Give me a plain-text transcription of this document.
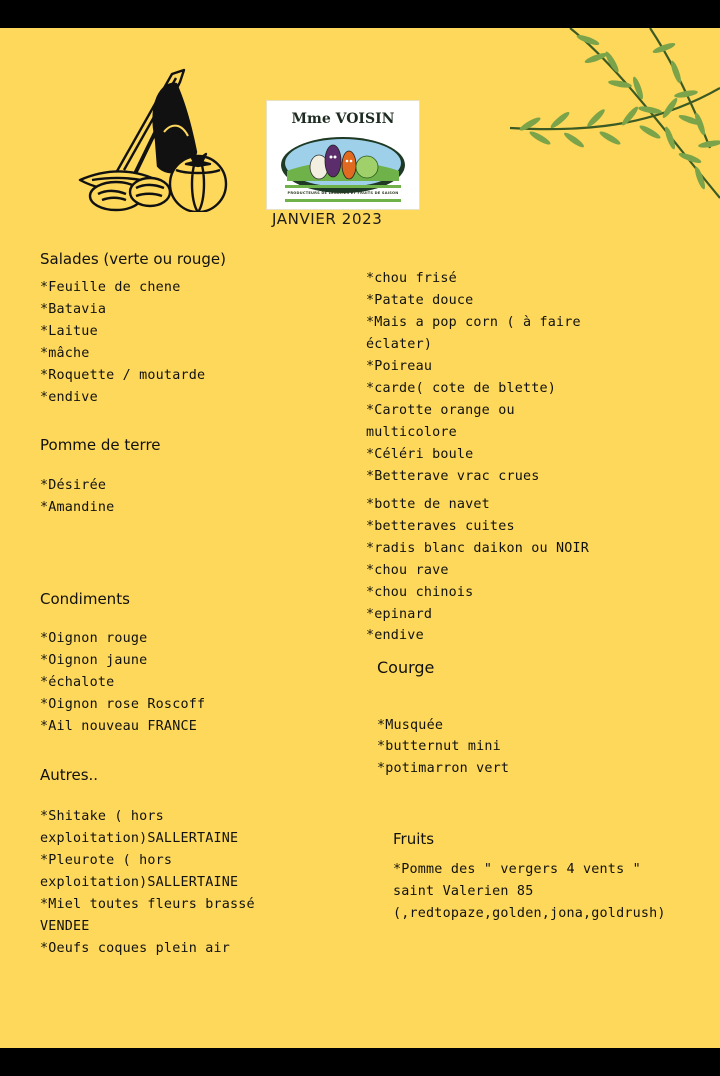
Mme VOISIN
PRODUCTEURS DE LEGUMES ET FRUITS DE SAISON
JANVIER 2023
Salades (verte ou rouge)
*Feuille de chene
*Batavia
*Laitue
*mâche
*Roquette / moutarde
*endive
Pomme de terre
*Désirée
*Amandine
Condiments
*Oignon rouge
*Oignon jaune
*échalote
*Oignon rose Roscoff
*Ail nouveau FRANCE
Autres..
*Shitake ( hors
exploitation)SALLERTAINE
*Pleurote ( hors
exploitation)SALLERTAINE
*Miel toutes fleurs brassé
VENDEE
*Oeufs coques plein air
*chou frisé
*Patate douce
*Mais a pop corn ( à faire
éclater)
*Poireau
*carde( cote de blette)
*Carotte orange ou
multicolore
*Céléri boule
*Betterave vrac crues
*botte de navet
*betteraves cuites
*radis blanc daikon ou NOIR
*chou rave
*chou chinois
*epinard
*endive
Courge
*Musquée
*butternut mini
*potimarron vert
Fruits
*Pomme des " vergers 4 vents "
saint Valerien 85
(,redtopaze,golden,jona,goldrush)
